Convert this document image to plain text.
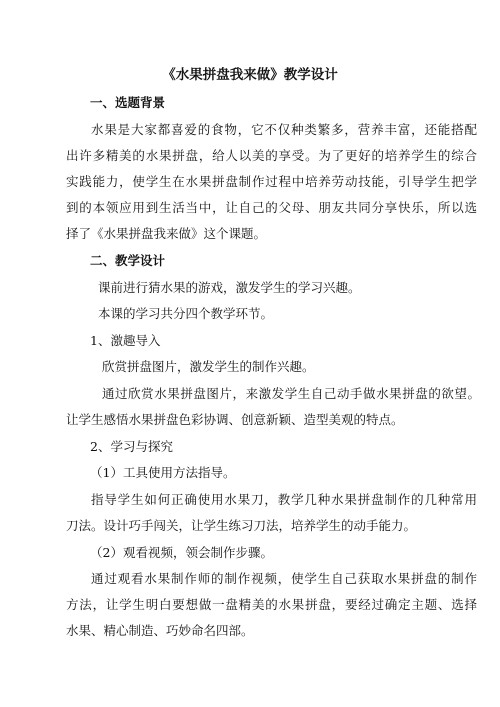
《水果拼盘我来做》教学设计
一、选题背景
水果是大家都喜爱的食物，它不仅种类繁多，营养丰富，还能搭配
出许多精美的水果拼盘，给人以美的享受。为了更好的培养学生的综合
实践能力，使学生在水果拼盘制作过程中培养劳动技能，引导学生把学
到的本领应用到生活当中，让自己的父母、朋友共同分享快乐，所以选
择了《水果拼盘我来做》这个课题。
二、教学设计
课前进行猜水果的游戏，激发学生的学习兴趣。
本课的学习共分四个教学环节。
1、激趣导入
欣赏拼盘图片，激发学生的制作兴趣。
通过欣赏水果拼盘图片，来激发学生自己动手做水果拼盘的欲望。
让学生感悟水果拼盘色彩协调、创意新颖、造型美观的特点。
2、学习与探究
（1）工具使用方法指导。
指导学生如何正确使用水果刀，教学几种水果拼盘制作的几种常用
刀法。设计巧手闯关，让学生练习刀法，培养学生的动手能力。
（2）观看视频，领会制作步骤。
通过观看水果制作师的制作视频，使学生自己获取水果拼盘的制作
方法，让学生明白要想做一盘精美的水果拼盘，要经过确定主题、选择
水果、精心制造、巧妙命名四部。
